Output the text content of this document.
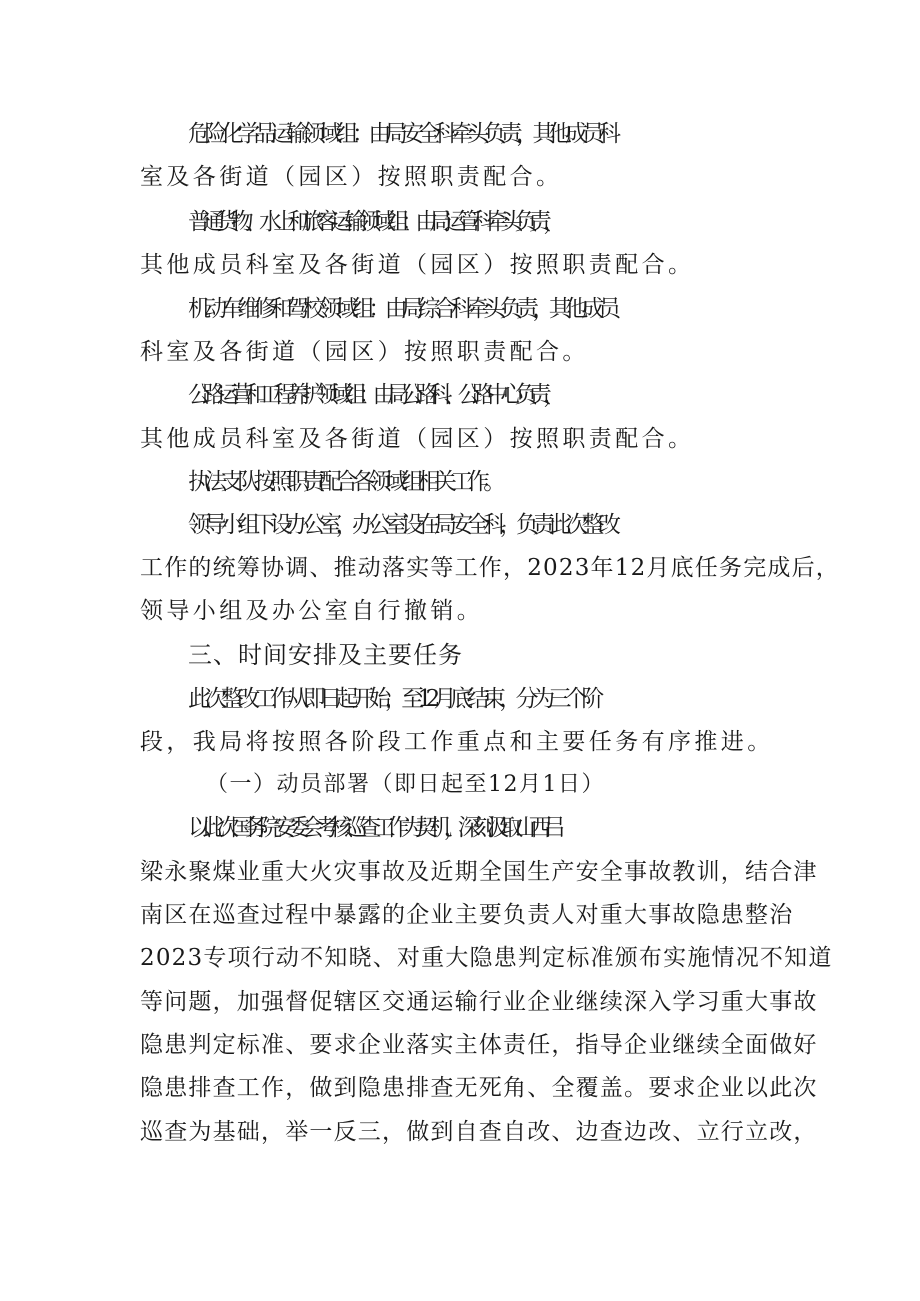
危险化学品运输领域组：由局安全科牵头负责，其他成员科
室及各街道（园区）按照职责配合。
普通货物、水上和旅客运输领域组：由局运管科牵头负责，
其他成员科室及各街道（园区）按照职责配合。
机动车维修和驾校领域组：由局综合科牵头负责，其他成员
科室及各街道（园区）按照职责配合。
公路运营和工程养护领域组：由局公路科、公路中心负责，
其他成员科室及各街道（园区）按照职责配合。
执法支队按照职责配合各领域组相关工作。
领导小组下设办公室，办公室设在局安全科，负责此次整改
工作的统筹协调、推动落实等工作，2023年12月底任务完成后，
领导小组及办公室自行撤销。
三、时间安排及主要任务
此次整改工作从即日起开始，至12月底结束，分为三个阶
段，我局将按照各阶段工作重点和主要任务有序推进。
（一）动员部署（即日起至12月1日）
以此次国务院安委会考核巡查工作为契机，深刻汲取山西吕
梁永聚煤业重大火灾事故及近期全国生产安全事故教训，结合津
南区在巡查过程中暴露的企业主要负责人对重大事故隐患整治
2023专项行动不知晓、对重大隐患判定标准颁布实施情况不知道
等问题，加强督促辖区交通运输行业企业继续深入学习重大事故
隐患判定标准、要求企业落实主体责任，指导企业继续全面做好
隐患排查工作，做到隐患排查无死角、全覆盖。要求企业以此次
巡查为基础，举一反三，做到自查自改、边查边改、立行立改，
